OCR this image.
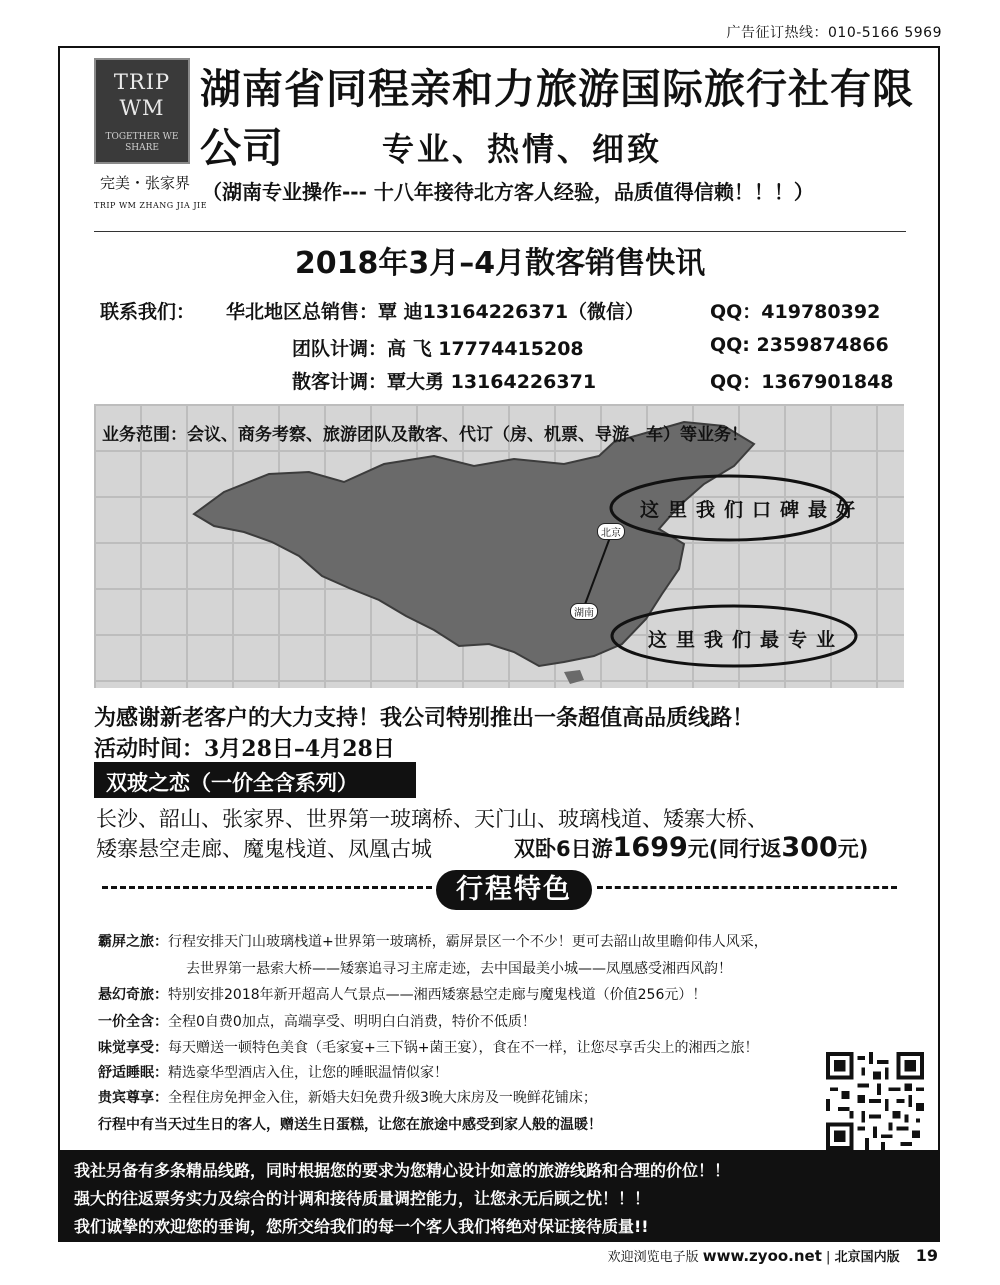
广告征订热线：010-5166 5969
TRIP
WM
TOGETHER WE SHARE
完美・张家界
TRIP WM ZHANG JIA JIE
湖南省同程亲和力旅游国际旅行社有限公司	专业、热情、细致
（湖南专业操作--- 十八年接待北方客人经验，品质值得信赖！！！）
2018年3月–4月散客销售快讯
联系我们： 华北地区总销售：覃 迪13164226371（微信）	QQ：419780392
团队计调：高 飞 17774415208	QQ: 2359874866
散客计调：覃大勇 13164226371	QQ：1367901848
业务范围：会议、商务考察、旅游团队及散客、代订（房、机票、导游、车）等业务！
北京
湖南
这里我们口碑最好
这里我们最专业
为感谢新老客户的大力支持！我公司特别推出一条超值高品质线路！
活动时间：3月28日–4月28日
双玻之恋（一价全含系列）
长沙、韶山、张家界、世界第一玻璃桥、天门山、玻璃栈道、矮寨大桥、
矮寨悬空走廊、魔鬼栈道、凤凰古城	双卧6日游1699元(同行返300元)
行程特色
霸屏之旅：行程安排天门山玻璃栈道+世界第一玻璃桥，霸屏景区一个不少！更可去韶山故里瞻仰伟人风采，
去世界第一悬索大桥——矮寨追寻习主席走迹，去中国最美小城——凤凰感受湘西风韵！
悬幻奇旅：特别安排2018年新开超高人气景点——湘西矮寨悬空走廊与魔鬼栈道（价值256元）！
一价全含：全程0自费0加点，高端享受、明明白白消费，特价不低质！
味觉享受：每天赠送一顿特色美食（毛家宴+三下锅+菌王宴），食在不一样，让您尽享舌尖上的湘西之旅！
舒适睡眠：精选豪华型酒店入住，让您的睡眠温情似家！
贵宾尊享：全程住房免押金入住，新婚夫妇免费升级3晚大床房及一晚鲜花铺床；
行程中有当天过生日的客人，赠送生日蛋糕，让您在旅途中感受到家人般的温暖！
我社另备有多条精品线路，同时根据您的要求为您精心设计如意的旅游线路和合理的价位！！
强大的往返票务实力及综合的计调和接待质量调控能力，让您永无后顾之忧！！！
我们诚挚的欢迎您的垂询，您所交给我们的每一个客人我们将绝对保证接待质量!!
欢迎浏览电子版 www.zyoo.net | 北京国内版 19
